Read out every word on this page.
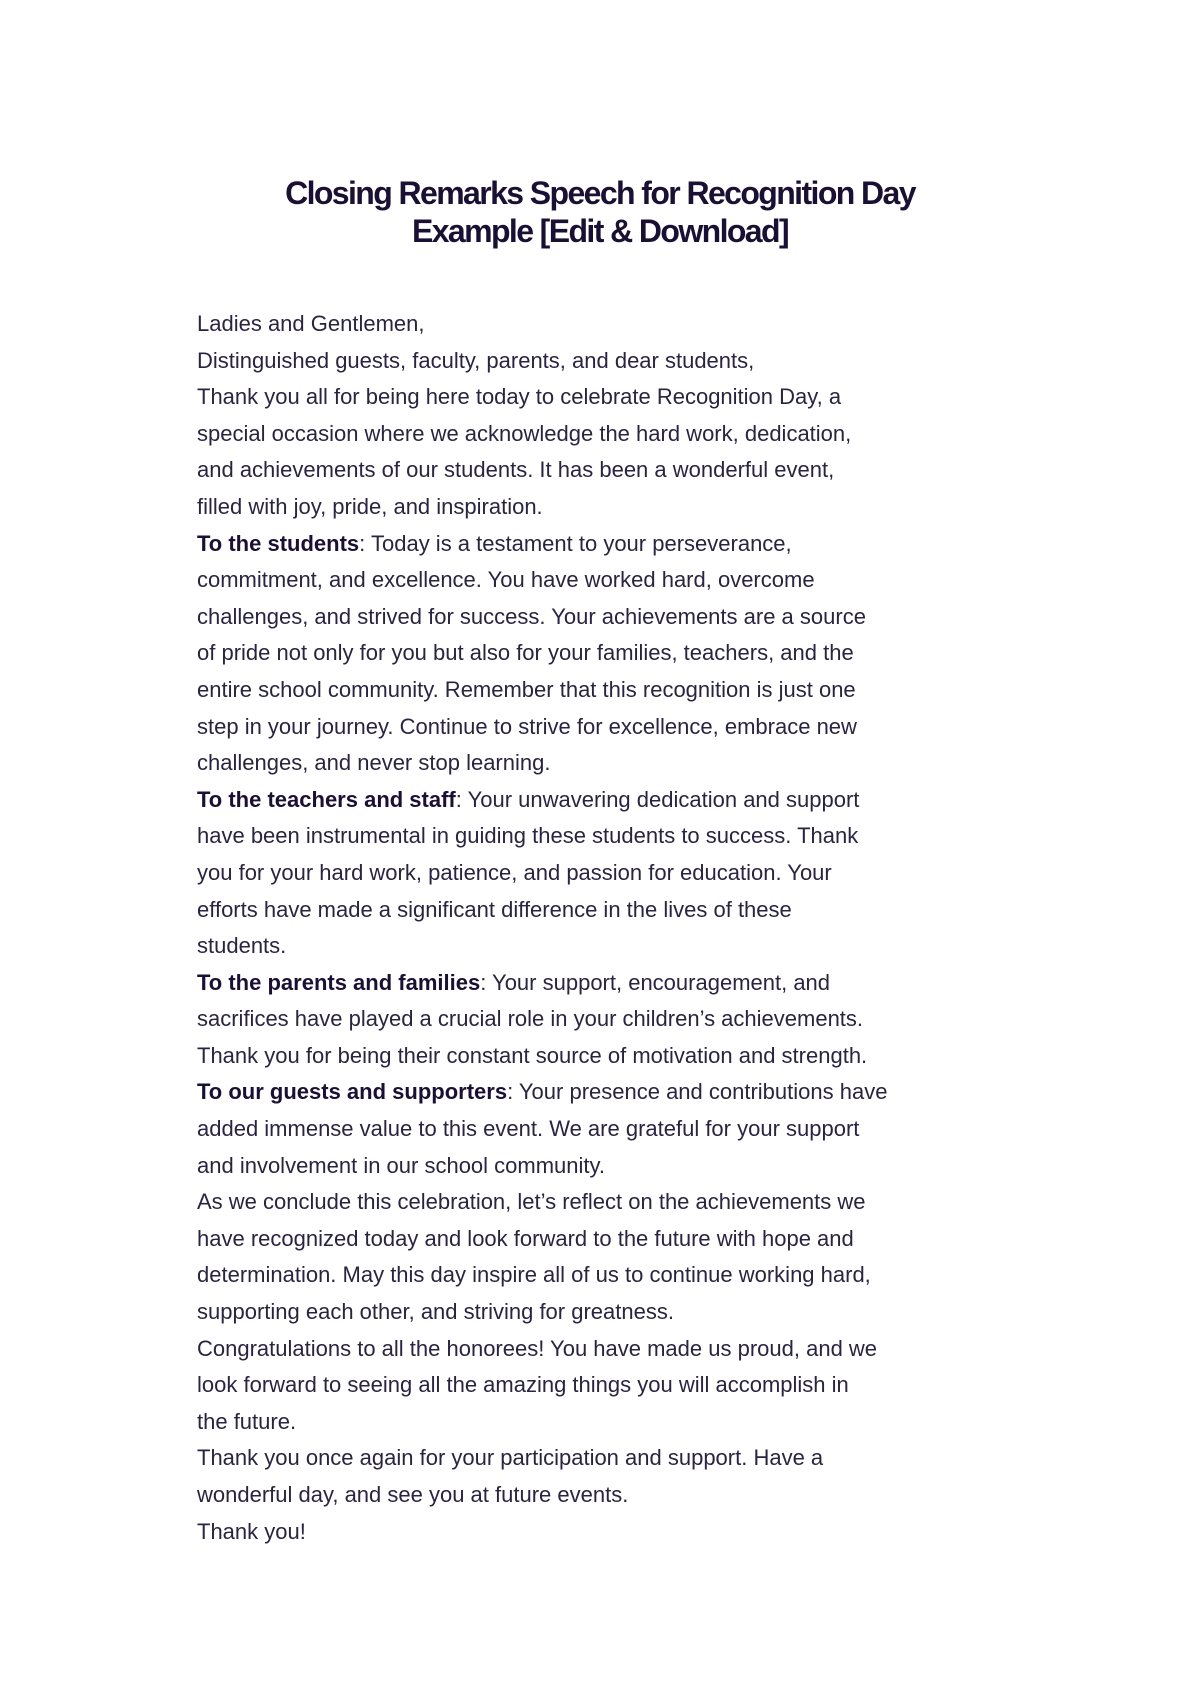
Closing Remarks Speech for Recognition Day
Example [Edit & Download]

Ladies and Gentlemen,

Distinguished guests, faculty, parents, and dear students,

Thank you all for being here today to celebrate Recognition Day, a
special occasion where we acknowledge the hard work, dedication,
and achievements of our students. It has been a wonderful event,
filled with joy, pride, and inspiration.

To the students: Today is a testament to your perseverance,
commitment, and excellence. You have worked hard, overcome
challenges, and strived for success. Your achievements are a source
of pride not only for you but also for your families, teachers, and the
entire school community. Remember that this recognition is just one
step in your journey. Continue to strive for excellence, embrace new
challenges, and never stop learning.

To the teachers and staff: Your unwavering dedication and support
have been instrumental in guiding these students to success. Thank
you for your hard work, patience, and passion for education. Your
efforts have made a significant difference in the lives of these
students.

To the parents and families: Your support, encouragement, and
sacrifices have played a crucial role in your children’s achievements.
Thank you for being their constant source of motivation and strength.

To our guests and supporters: Your presence and contributions have
added immense value to this event. We are grateful for your support
and involvement in our school community.

As we conclude this celebration, let’s reflect on the achievements we
have recognized today and look forward to the future with hope and
determination. May this day inspire all of us to continue working hard,
supporting each other, and striving for greatness.

Congratulations to all the honorees! You have made us proud, and we
look forward to seeing all the amazing things you will accomplish in
the future.

Thank you once again for your participation and support. Have a
wonderful day, and see you at future events.

Thank you!
